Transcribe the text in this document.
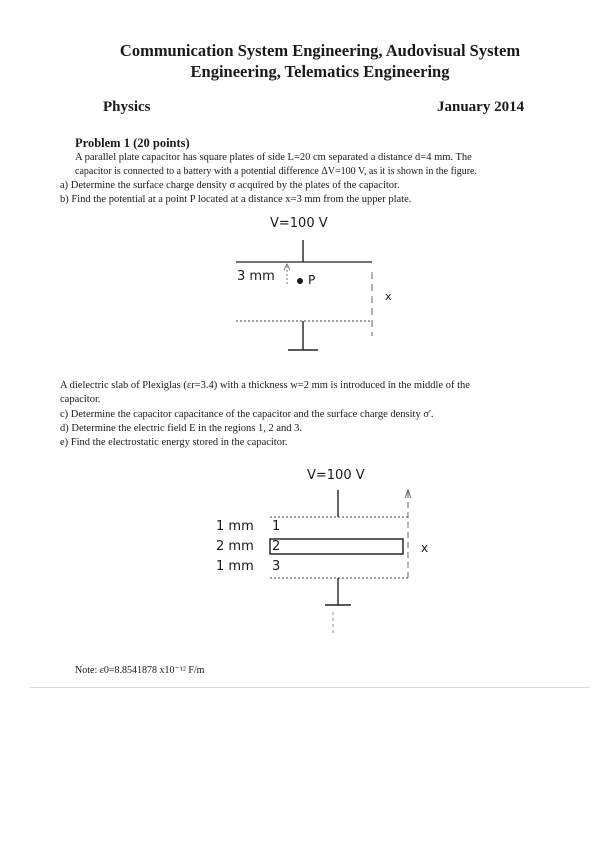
Communication System Engineering, Audovisual System
Engineering, Telematics Engineering
Physics	January 2014
Problem 1 (20 points)
A parallel plate capacitor has square plates of side L=20 cm separated a distance d=4 mm. The
capacitor is connected to a battery with a potential difference ΔV=100 V, as it is shown in the figure.
a) Determine the surface charge density σ acquired by the plates of the capacitor.
b) Find the potential at a point P located at a distance x=3 mm from the upper plate.
V=100 V
3 mm	P
x
A dielectric slab of Plexiglas (εr=3.4) with a thickness w=2 mm is introduced in the middle of the
capacitor.
c) Determine the capacitor capacitance of the capacitor and the surface charge density σ'.
d) Determine the electric field E in the regions 1, 2 and 3.
e) Find the electrostatic energy stored in the capacitor.
V=100 V
1 mm
2 mm
1 mm
1
2
3
x
Note: ε0=8.8541878 x10⁻¹² F/m
